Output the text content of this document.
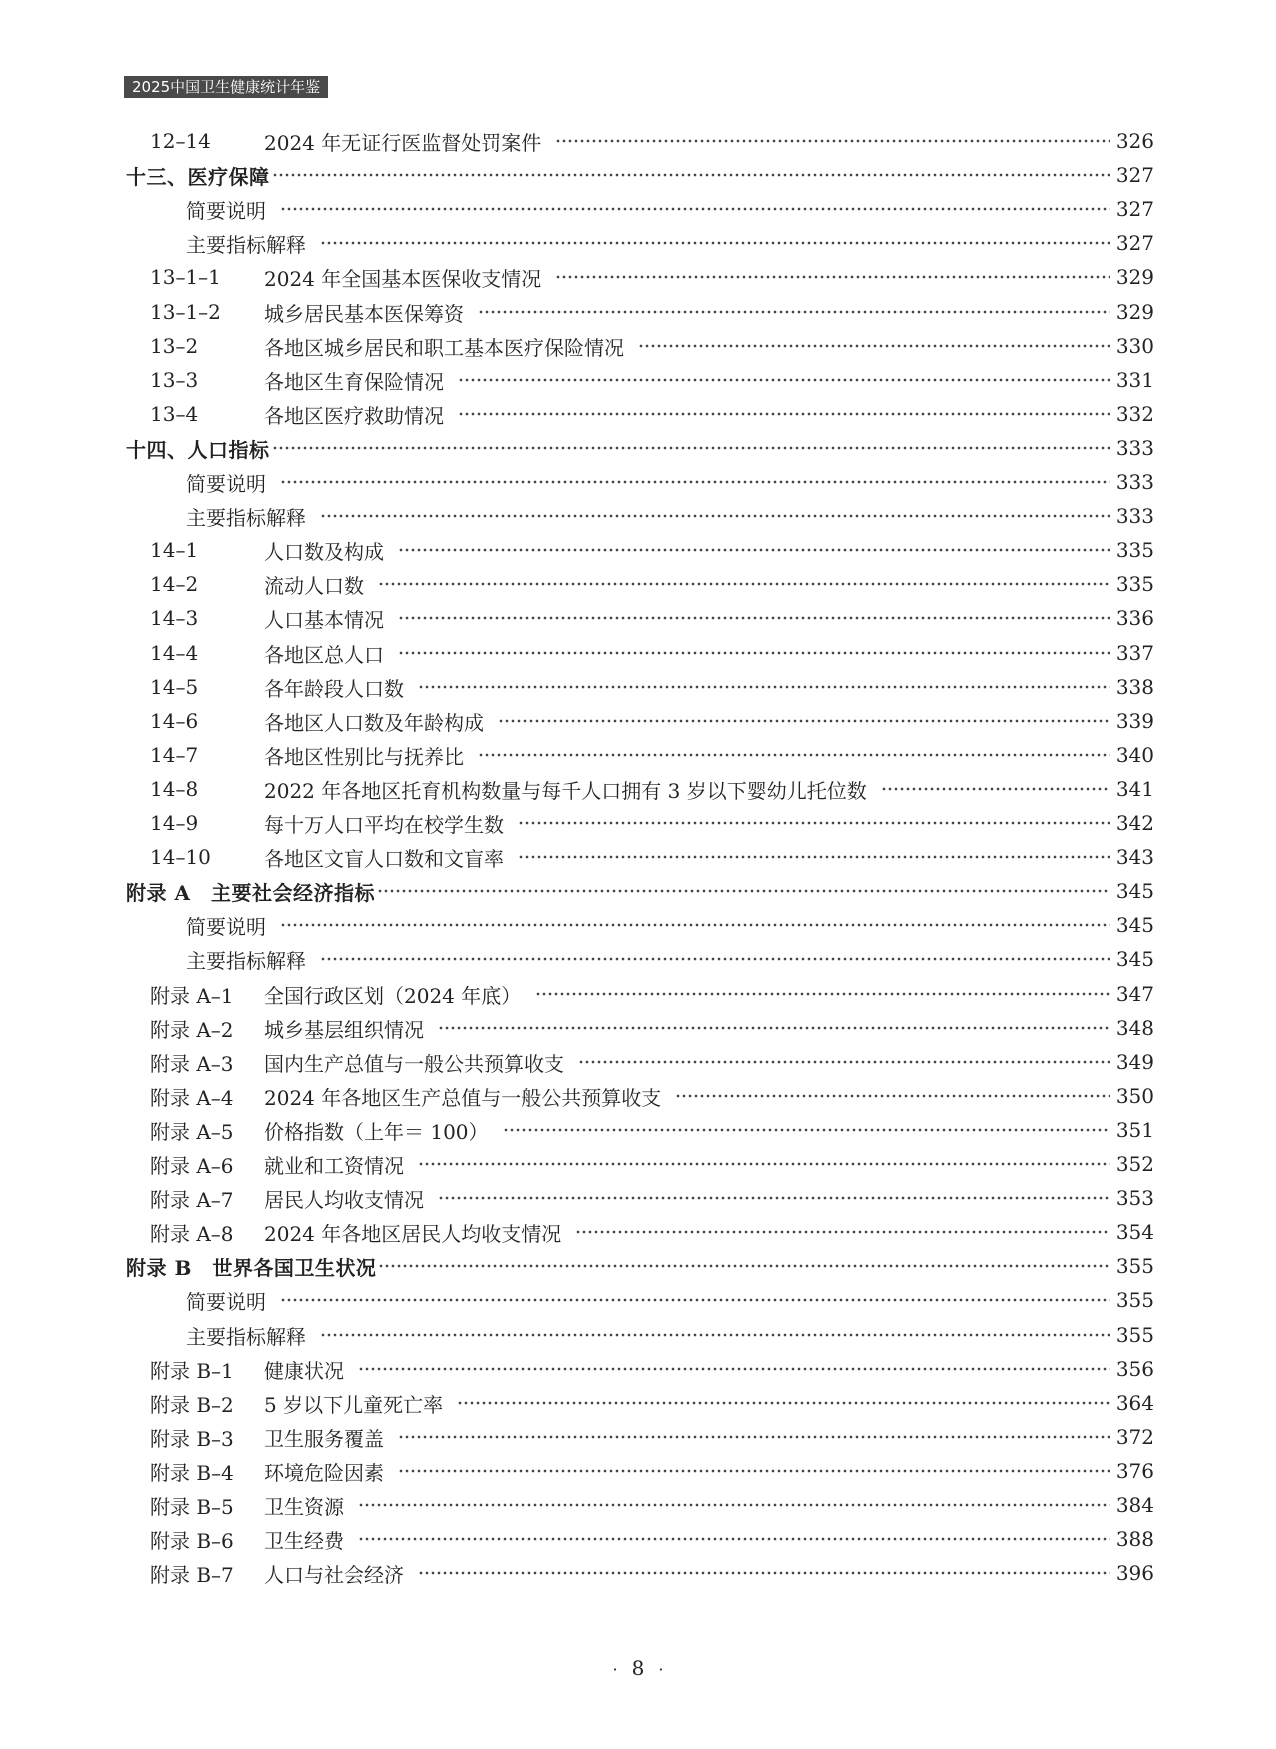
2025中国卫生健康统计年鉴
12–14	2024 年无证行医监督处罚案件	326
十三、医疗保障	327
简要说明	327
主要指标解释	327
13–1–1	2024 年全国基本医保收支情况	329
13–1–2	城乡居民基本医保筹资	329
13–2	各地区城乡居民和职工基本医疗保险情况	330
13–3	各地区生育保险情况	331
13–4	各地区医疗救助情况	332
十四、人口指标	333
简要说明	333
主要指标解释	333
14–1	人口数及构成	335
14–2	流动人口数	335
14–3	人口基本情况	336
14–4	各地区总人口	337
14–5	各年龄段人口数	338
14–6	各地区人口数及年龄构成	339
14–7	各地区性别比与抚养比	340
14–8	2022 年各地区托育机构数量与每千人口拥有 3 岁以下婴幼儿托位数	341
14–9	每十万人口平均在校学生数	342
14–10	各地区文盲人口数和文盲率	343
附录 A　主要社会经济指标	345
简要说明	345
主要指标解释	345
附录 A–1	全国行政区划（2024 年底）	347
附录 A–2	城乡基层组织情况	348
附录 A–3	国内生产总值与一般公共预算收支	349
附录 A–4	2024 年各地区生产总值与一般公共预算收支	350
附录 A–5	价格指数（上年＝ 100）	351
附录 A–6	就业和工资情况	352
附录 A–7	居民人均收支情况	353
附录 A–8	2024 年各地区居民人均收支情况	354
附录 B　世界各国卫生状况	355
简要说明	355
主要指标解释	355
附录 B–1	健康状况	356
附录 B–2	5 岁以下儿童死亡率	364
附录 B–3	卫生服务覆盖	372
附录 B–4	环境危险因素	376
附录 B–5	卫生资源	384
附录 B–6	卫生经费	388
附录 B–7	人口与社会经济	396
· 8 ·
